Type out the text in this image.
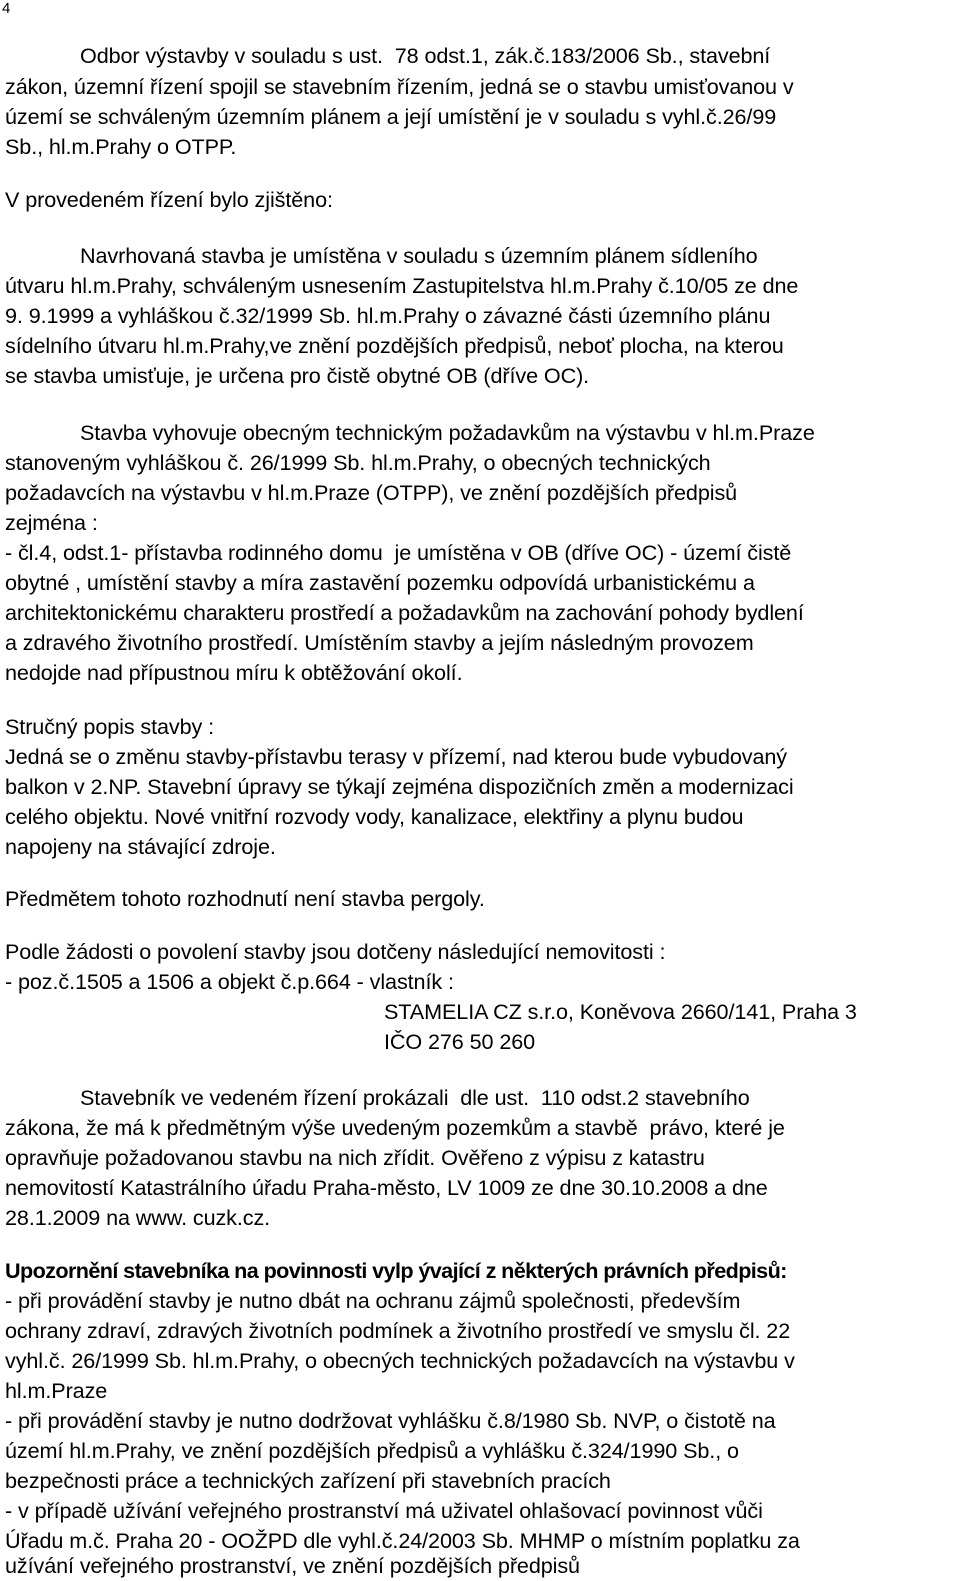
4
Odbor výstavby v souladu s ust.  78 odst.1, zák.č.183/2006 Sb., stavební
zákon, územní řízení spojil se stavebním řízením, jedná se o stavbu umisťovanou v
území se schváleným územním plánem a její umístění je v souladu s vyhl.č.26/99
Sb., hl.m.Prahy o OTPP.
V provedeném řízení bylo zjištěno:
Navrhovaná stavba je umístěna v souladu s územním plánem sídleního
útvaru hl.m.Prahy, schváleným usnesením Zastupitelstva hl.m.Prahy č.10/05 ze dne
9. 9.1999 a vyhláškou č.32/1999 Sb. hl.m.Prahy o závazné části územního plánu
sídelního útvaru hl.m.Prahy,ve znění pozdějších předpisů, neboť plocha, na kterou
se stavba umisťuje, je určena pro čistě obytné OB (dříve OC).
Stavba vyhovuje obecným technickým požadavkům na výstavbu v hl.m.Praze
stanoveným vyhláškou č. 26/1999 Sb. hl.m.Prahy, o obecných technických
požadavcích na výstavbu v hl.m.Praze (OTPP), ve znění pozdějších předpisů
zejména :
- čl.4, odst.1- přístavba rodinného domu  je umístěna v OB (dříve OC) - území čistě
obytné , umístění stavby a míra zastavění pozemku odpovídá urbanistickému a
architektonickému charakteru prostředí a požadavkům na zachování pohody bydlení
a zdravého životního prostředí. Umístěním stavby a jejím následným provozem
nedojde nad přípustnou míru k obtěžování okolí.
Stručný popis stavby :
Jedná se o změnu stavby-přístavbu terasy v přízemí, nad kterou bude vybudovaný
balkon v 2.NP. Stavební úpravy se týkají zejména dispozičních změn a modernizaci
celého objektu. Nové vnitřní rozvody vody, kanalizace, elektřiny a plynu budou
napojeny na stávající zdroje.
Předmětem tohoto rozhodnutí není stavba pergoly.
Podle žádosti o povolení stavby jsou dotčeny následující nemovitosti :
- poz.č.1505 a 1506 a objekt č.p.664 - vlastník :
STAMELIA CZ s.r.o, Koněvova 2660/141, Praha 3
IČO 276 50 260
Stavebník ve vedeném řízení prokázali  dle ust.  110 odst.2 stavebního
zákona, že má k předmětným výše uvedeným pozemkům a stavbě  právo, které je
opravňuje požadovanou stavbu na nich zřídit. Ověřeno z výpisu z katastru
nemovitostí Katastrálního úřadu Praha-město, LV 1009 ze dne 30.10.2008 a dne
28.1.2009 na www. cuzk.cz.
Upozornění stavebníka na povinnosti vylp ývající z některých právních předpisů:
- při provádění stavby je nutno dbát na ochranu zájmů společnosti, především
ochrany zdraví, zdravých životních podmínek a životního prostředí ve smyslu čl. 22
vyhl.č. 26/1999 Sb. hl.m.Prahy, o obecných technických požadavcích na výstavbu v
hl.m.Praze
- při provádění stavby je nutno dodržovat vyhlášku č.8/1980 Sb. NVP, o čistotě na
území hl.m.Prahy, ve znění pozdějších předpisů a vyhlášku č.324/1990 Sb., o
bezpečnosti práce a technických zařízení při stavebních pracích
- v případě užívání veřejného prostranství má uživatel ohlašovací povinnost vůči
Úřadu m.č. Praha 20 - OOŽPD dle vyhl.č.24/2003 Sb. MHMP o místním poplatku za
užívání veřejného prostranství, ve znění pozdějších předpisů
